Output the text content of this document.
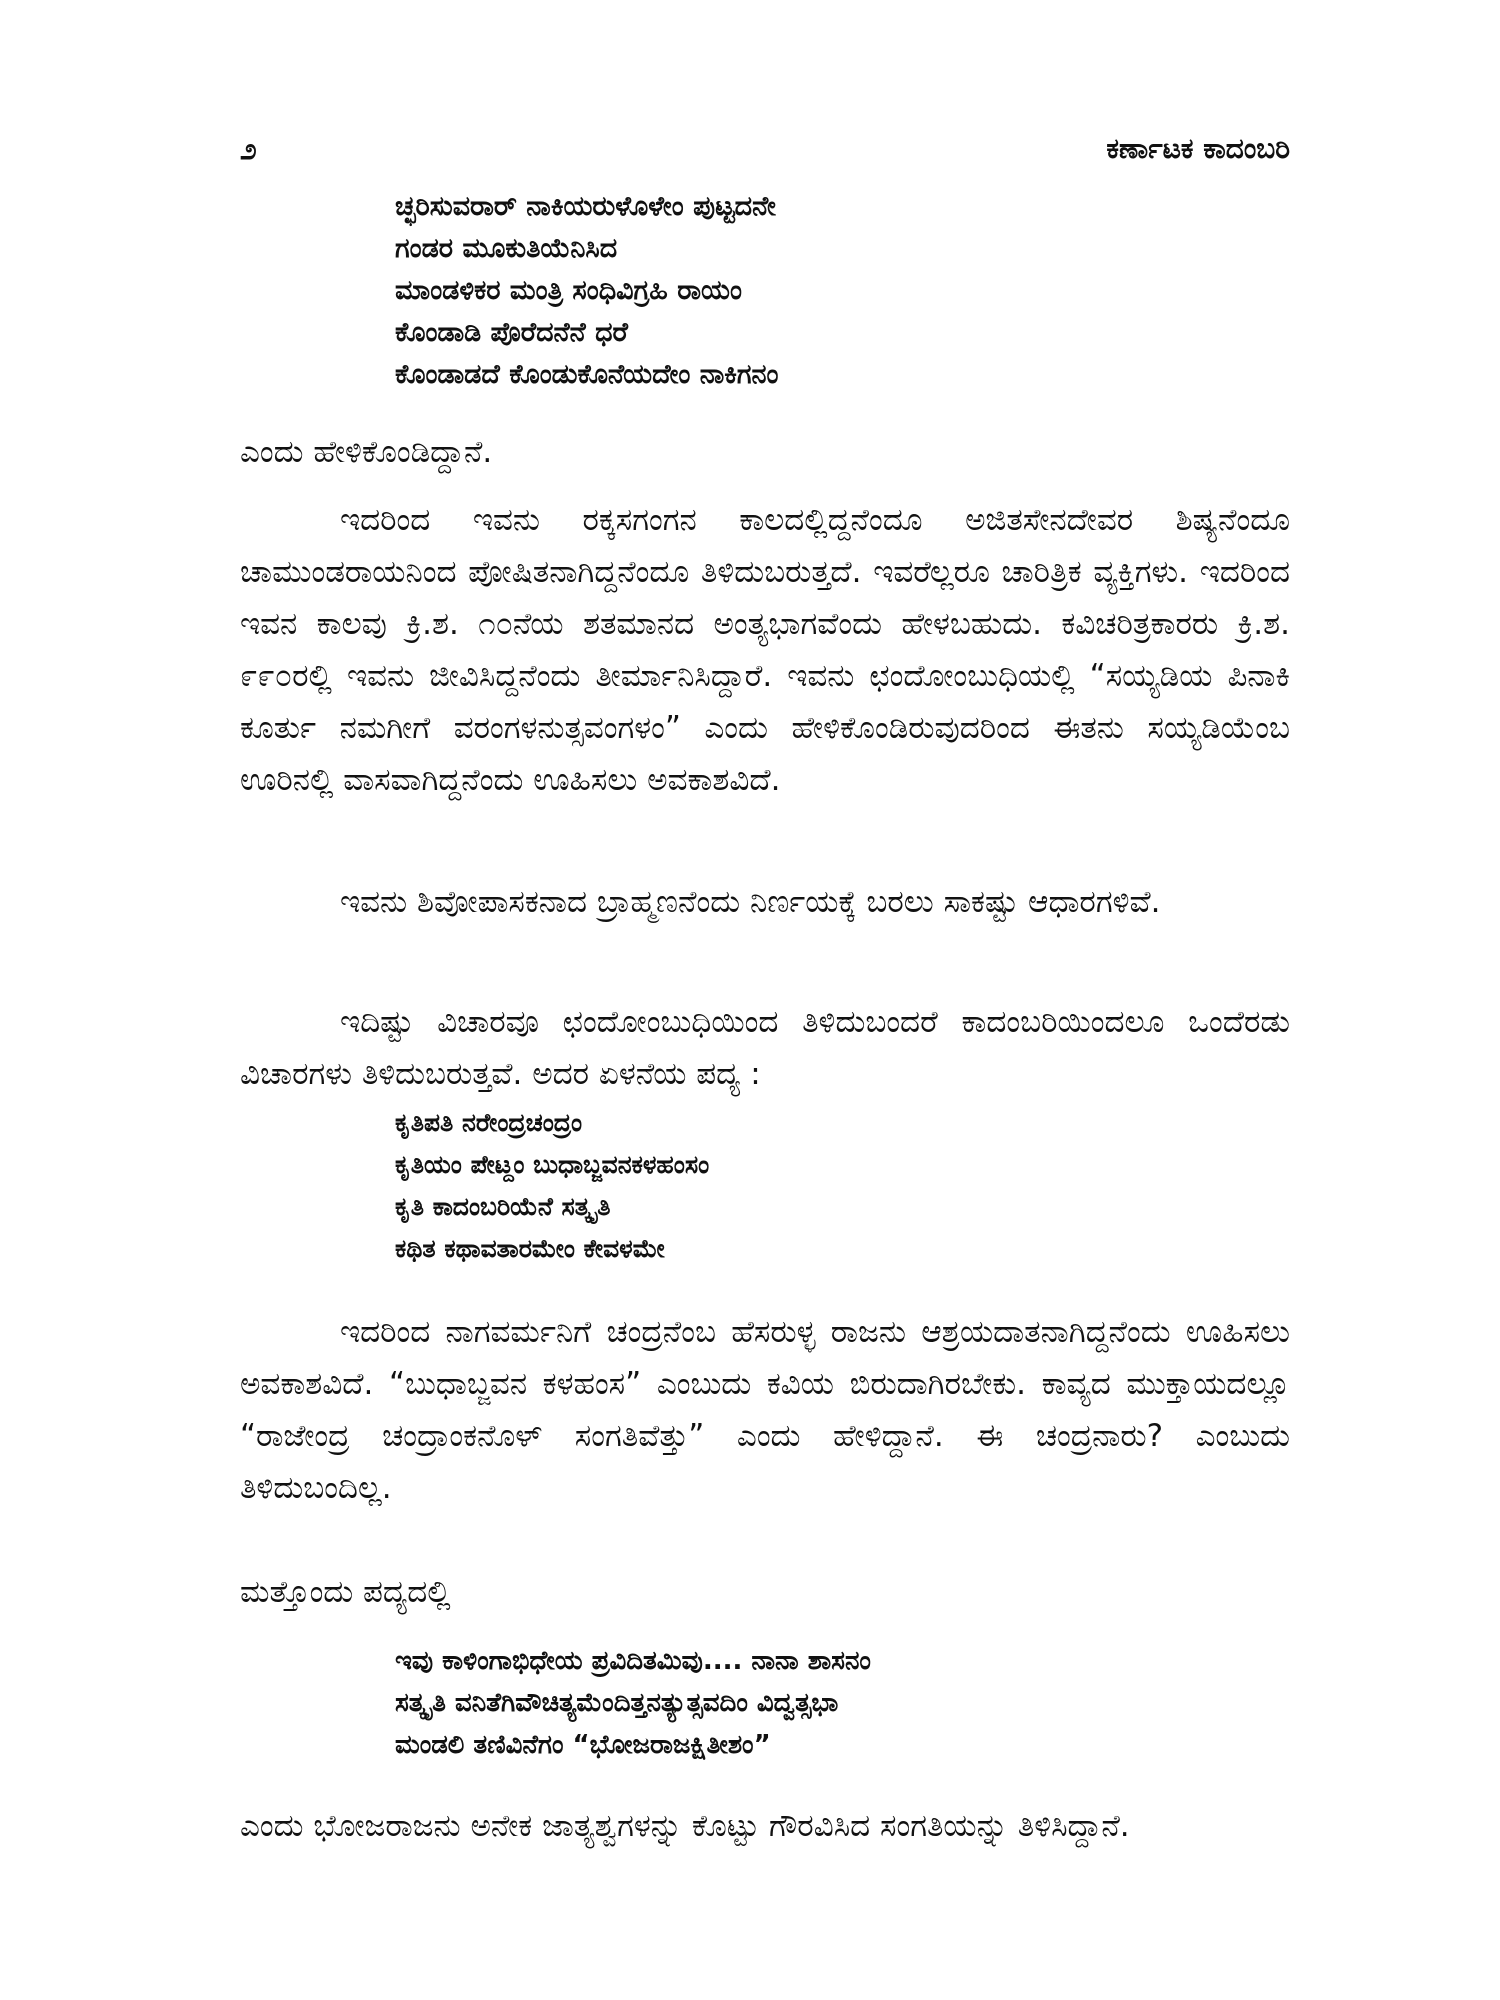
೨	ಕರ್ಣಾಟಕ ಕಾದಂಬರಿ
ಚ್ಛರಿಸುವರಾರ್ ನಾಕಿಯರುಳೊಳೇಂ ಪುಟ್ಟದನೇ
ಗಂಡರ ಮೂಕುತಿಯೆನಿಸಿದ
ಮಾಂಡಳಿಕರ ಮಂತ್ರಿ ಸಂಧಿವಿಗ್ರಹಿ ರಾಯಂ
ಕೊಂಡಾಡಿ ಪೊರೆದನೆನೆ ಧರೆ
ಕೊಂಡಾಡದೆ ಕೊಂಡುಕೊನೆಯದೇಂ ನಾಕಿಗನಂ

ಎಂದು ಹೇಳಿಕೊಂಡಿದ್ದಾನೆ.

ಇದರಿಂದ ಇವನು ರಕ್ಕಸಗಂಗನ ಕಾಲದಲ್ಲಿದ್ದನೆಂದೂ ಅಜಿತಸೇನದೇವರ ಶಿಷ್ಯನೆಂದೂ ಚಾಮುಂಡರಾಯನಿಂದ ಪೋಷಿತನಾಗಿದ್ದನೆಂದೂ ತಿಳಿದುಬರುತ್ತದೆ. ಇವರೆಲ್ಲರೂ ಚಾರಿತ್ರಿಕ ವ್ಯಕ್ತಿಗಳು. ಇದರಿಂದ ಇವನ ಕಾಲವು ಕ್ರಿ.ಶ. ೧೦ನೆಯ ಶತಮಾನದ ಅಂತ್ಯಭಾಗವೆಂದು ಹೇಳಬಹುದು. ಕವಿಚರಿತ್ರಕಾರರು ಕ್ರಿ.ಶ. ೯೯೦ರಲ್ಲಿ ಇವನು ಜೀವಿಸಿದ್ದನೆಂದು ತೀರ್ಮಾನಿಸಿದ್ದಾರೆ. ಇವನು ಛಂದೋಂಬುಧಿಯಲ್ಲಿ “ಸಯ್ಯಡಿಯ ಪಿನಾಕಿ ಕೂರ್ತು ನಮಗೀಗೆ ವರಂಗಳನುತ್ಸವಂಗಳಂ” ಎಂದು ಹೇಳಿಕೊಂಡಿರುವುದರಿಂದ ಈತನು ಸಯ್ಯಡಿಯೆಂಬ ಊರಿನಲ್ಲಿ ವಾಸವಾಗಿದ್ದನೆಂದು ಊಹಿಸಲು ಅವಕಾಶವಿದೆ.

ಇವನು ಶಿವೋಪಾಸಕನಾದ ಬ್ರಾಹ್ಮಣನೆಂದು ನಿರ್ಣಯಕ್ಕೆ ಬರಲು ಸಾಕಷ್ಟು ಆಧಾರಗಳಿವೆ.

ಇದಿಷ್ಟು ವಿಚಾರವೂ ಛಂದೋಂಬುಧಿಯಿಂದ ತಿಳಿದುಬಂದರೆ ಕಾದಂಬರಿಯಿಂದಲೂ ಒಂದೆರಡು ವಿಚಾರಗಳು ತಿಳಿದುಬರುತ್ತವೆ. ಅದರ ಏಳನೆಯ ಪದ್ಯ :

ಕೃತಿಪತಿ ನರೇಂದ್ರಚಂದ್ರಂ
ಕೃತಿಯಂ ಪೇಟ್ದಂ ಬುಧಾಬ್ಜವನಕಳಹಂಸಂ
ಕೃತಿ ಕಾದಂಬರಿಯೆನೆ ಸತ್ಕೃತಿ
ಕಥಿತ ಕಥಾವತಾರಮೇಂ ಕೇವಳಮೇ

ಇದರಿಂದ ನಾಗವರ್ಮನಿಗೆ ಚಂದ್ರನೆಂಬ ಹೆಸರುಳ್ಳ ರಾಜನು ಆಶ್ರಯದಾತನಾಗಿದ್ದನೆಂದು ಊಹಿಸಲು ಅವಕಾಶವಿದೆ. “ಬುಧಾಬ್ಜವನ ಕಳಹಂಸ” ಎಂಬುದು ಕವಿಯ ಬಿರುದಾಗಿರಬೇಕು. ಕಾವ್ಯದ ಮುಕ್ತಾಯದಲ್ಲೂ “ರಾಜೇಂದ್ರ ಚಂದ್ರಾಂಕನೊಳ್ ಸಂಗತಿವೆತ್ತು” ಎಂದು ಹೇಳಿದ್ದಾನೆ. ಈ ಚಂದ್ರನಾರು? ಎಂಬುದು ತಿಳಿದುಬಂದಿಲ್ಲ.

ಮತ್ತೊಂದು ಪದ್ಯದಲ್ಲಿ

ಇವು ಕಾಳಿಂಗಾಭಿಧೇಯ ಪ್ರವಿದಿತಮಿವು.... ನಾನಾ ಶಾಸನಂ
ಸತ್ಕೃತಿ ವನಿತೆಗಿವೌಚಿತ್ಯಮೆಂದಿತ್ತನತ್ಯುತ್ಸವದಿಂ ವಿದ್ವತ್ಸಭಾ
ಮಂಡಲಿ ತಣಿವಿನೆಗಂ “ಭೋಜರಾಜಕ್ಷಿತೀಶಂ”

ಎಂದು ಭೋಜರಾಜನು ಅನೇಕ ಜಾತ್ಯಶ್ವಗಳನ್ನು ಕೊಟ್ಟು ಗೌರವಿಸಿದ ಸಂಗತಿಯನ್ನು ತಿಳಿಸಿದ್ದಾನೆ.
